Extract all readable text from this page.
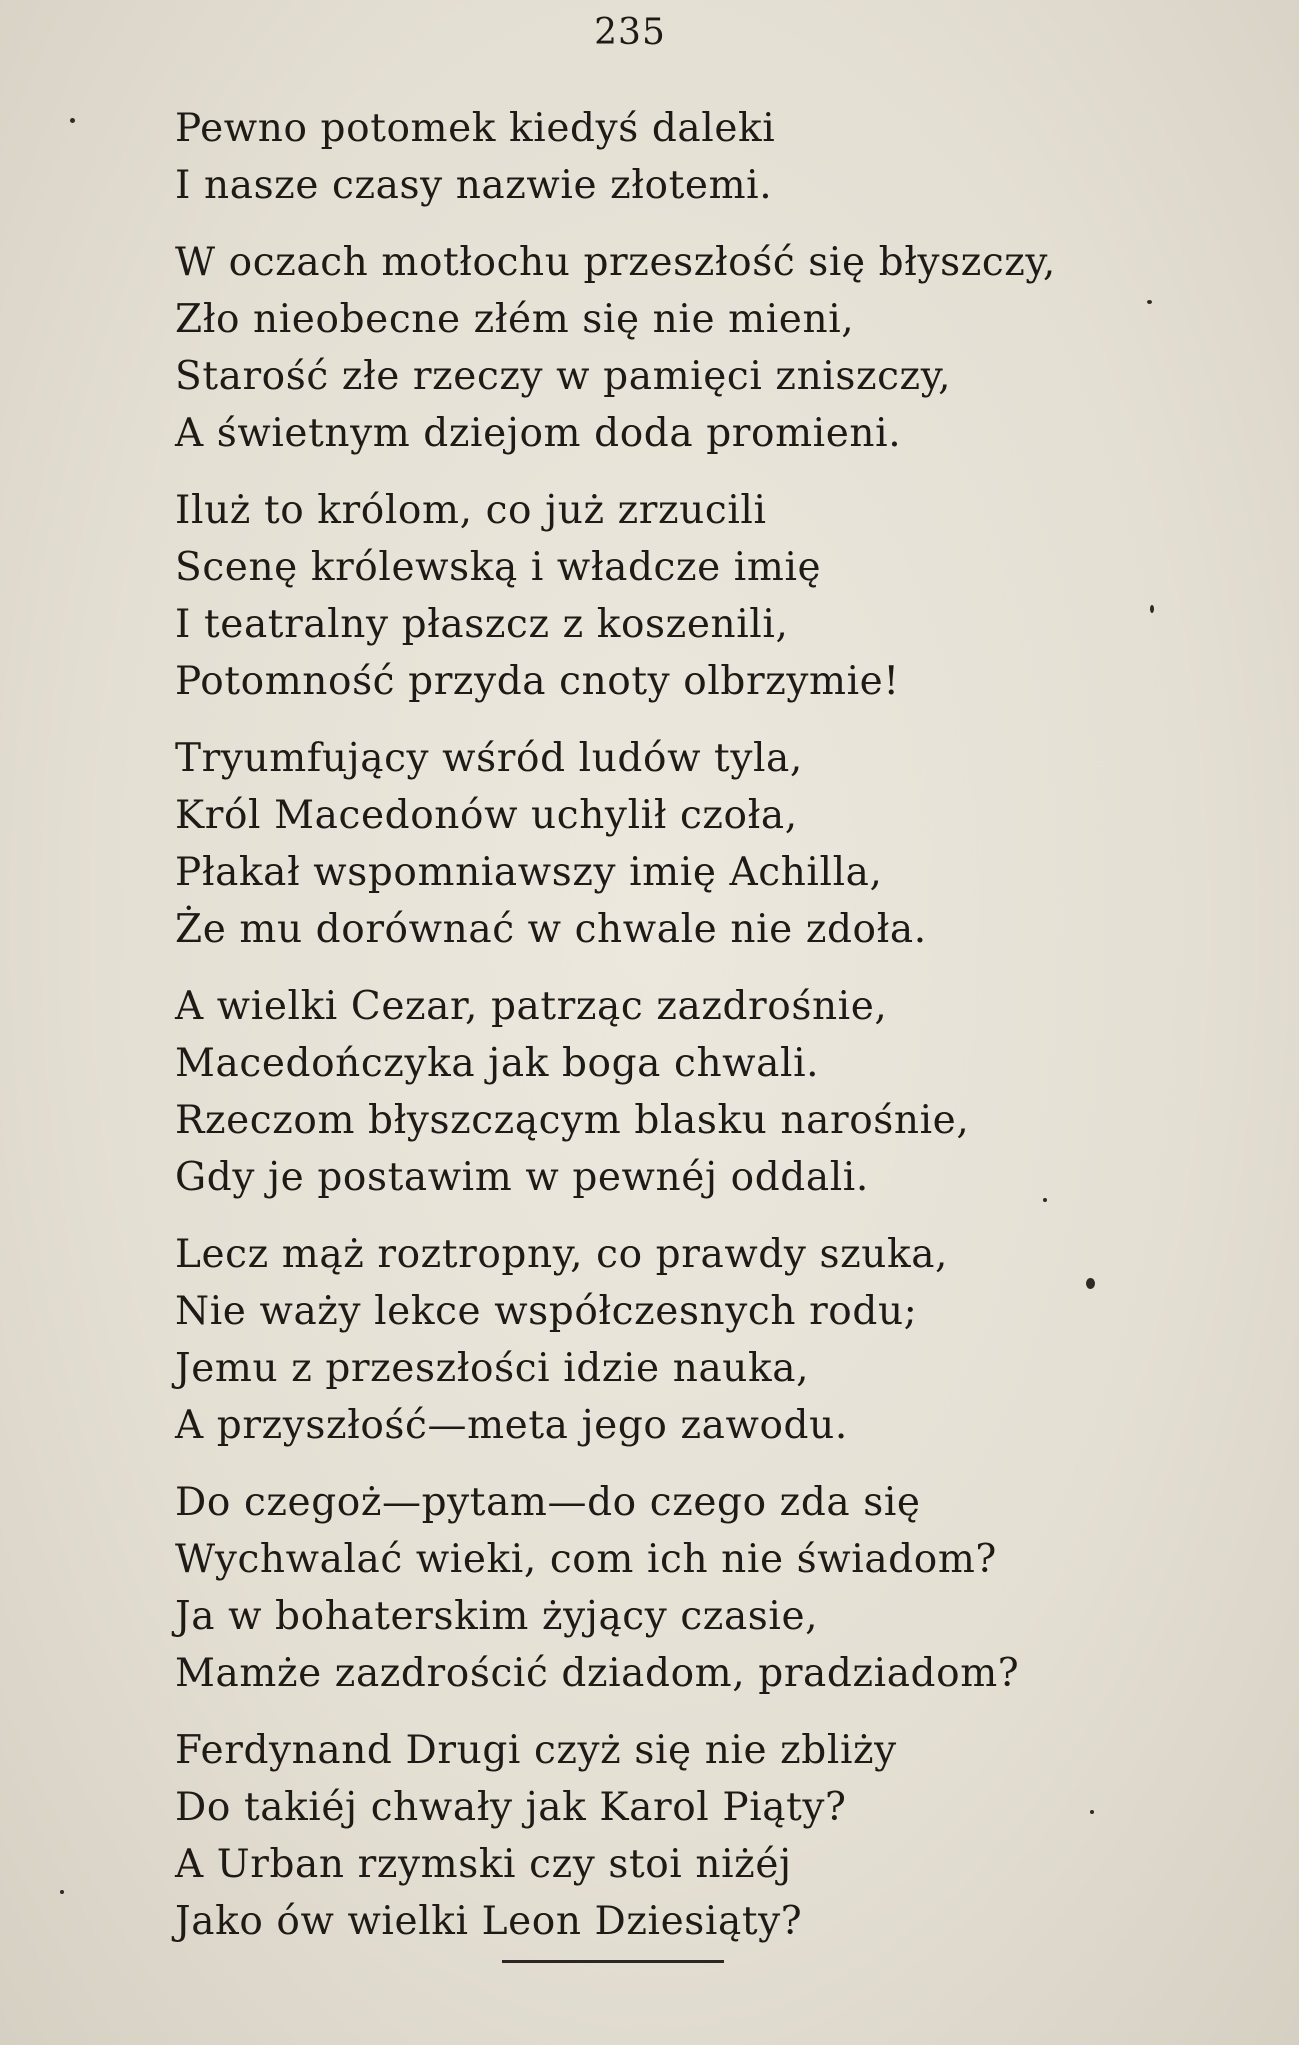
235
Pewno potomek kiedyś daleki
I nasze czasy nazwie złotemi.
W oczach motłochu przeszłość się błyszczy,
Zło nieobecne złém się nie mieni,
Starość złe rzeczy w pamięci zniszczy,
A świetnym dziejom doda promieni.
Iluż to królom, co już zrzucili
Scenę królewską i władcze imię
I teatralny płaszcz z koszenili,
Potomność przyda cnoty olbrzymie!
Tryumfujący wśród ludów tyla,
Król Macedonów uchylił czoła,
Płakał wspomniawszy imię Achilla,
Że mu dorównać w chwale nie zdoła.
A wielki Cezar, patrząc zazdrośnie,
Macedończyka jak boga chwali.
Rzeczom błyszczącym blasku narośnie,
Gdy je postawim w pewnéj oddali.
Lecz mąż roztropny, co prawdy szuka,
Nie waży lekce współczesnych rodu;
Jemu z przeszłości idzie nauka,
A przyszłość—meta jego zawodu.
Do czegoż—pytam—do czego zda się
Wychwalać wieki, com ich nie świadom?
Ja w bohaterskim żyjący czasie,
Mamże zazdrościć dziadom, pradziadom?
Ferdynand Drugi czyż się nie zbliży
Do takiéj chwały jak Karol Piąty?
A Urban rzymski czy stoi niżéj
Jako ów wielki Leon Dziesiąty?
